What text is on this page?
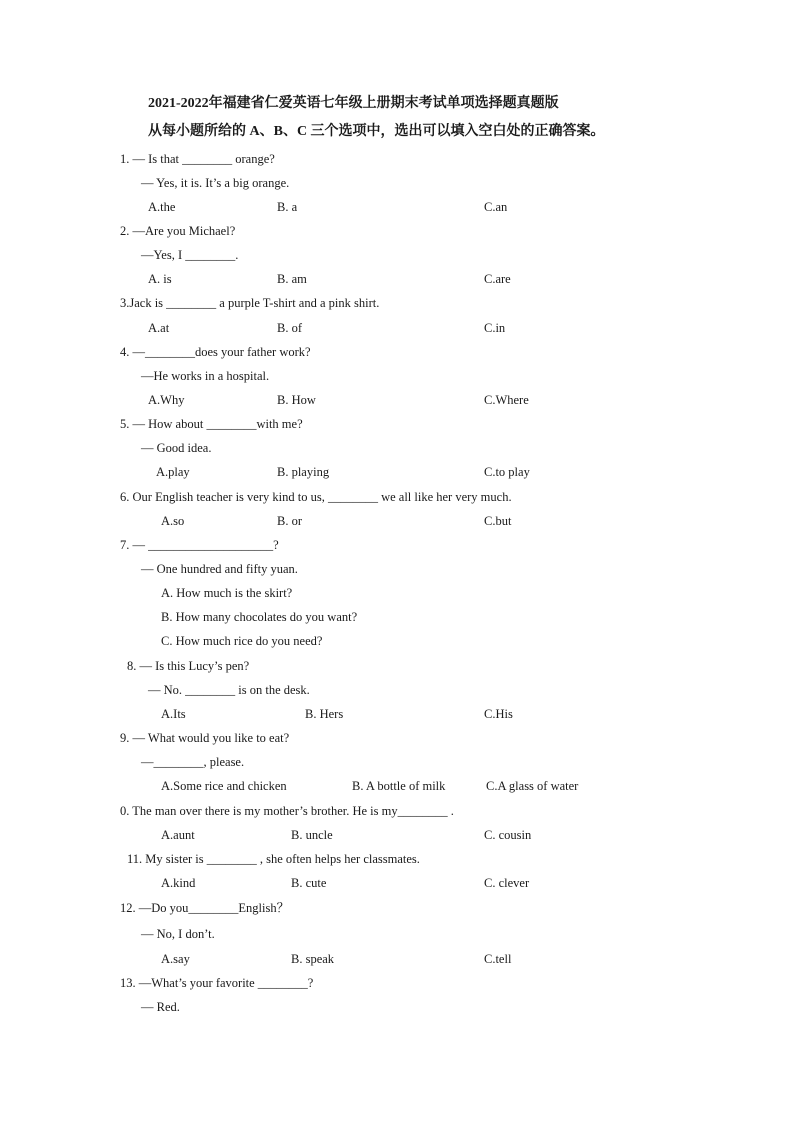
2021-2022年福建省仁爱英语七年级上册期末考试单项选择题真题版
从每小题所给的 A、B、C 三个选项中，选出可以填入空白处的正确答案。
1. — Is that ________ orange?
— Yes, it is. It’s a big orange.
A.the	B. a	C.an
2. —Are you Michael?
—Yes, I ________.
A. is	B. am	C.are
3.Jack is ________ a purple T-shirt and a pink shirt.
A.at	B. of	C.in
4. —________does your father work?
—He works in a hospital.
A.Why	B. How	C.Where
5. — How about ________with me?
— Good idea.
A.play	B. playing	C.to play
6. Our English teacher is very kind to us, ________ we all like her very much.
A.so	B. or	C.but
7. — ____________________?
— One hundred and fifty yuan.
A. How much is the skirt?
B. How many chocolates do you want?
C. How much rice do you need?
8. — Is this Lucy’s pen?
— No. ________ is on the desk.
A.Its	B. Hers	C.His
9. — What would you like to eat?
—________, please.
A.Some rice and chicken	B. A bottle of milk	C.A glass of water
0. The man over there is my mother’s brother. He is my________ .
A.aunt	B. uncle	C. cousin
11. My sister is ________ , she often helps her classmates.
A.kind	B. cute	C. clever
12. —Do you________English？
— No, I don’t.
A.say	B. speak	C.tell
13. —What’s your favorite ________?
— Red.
